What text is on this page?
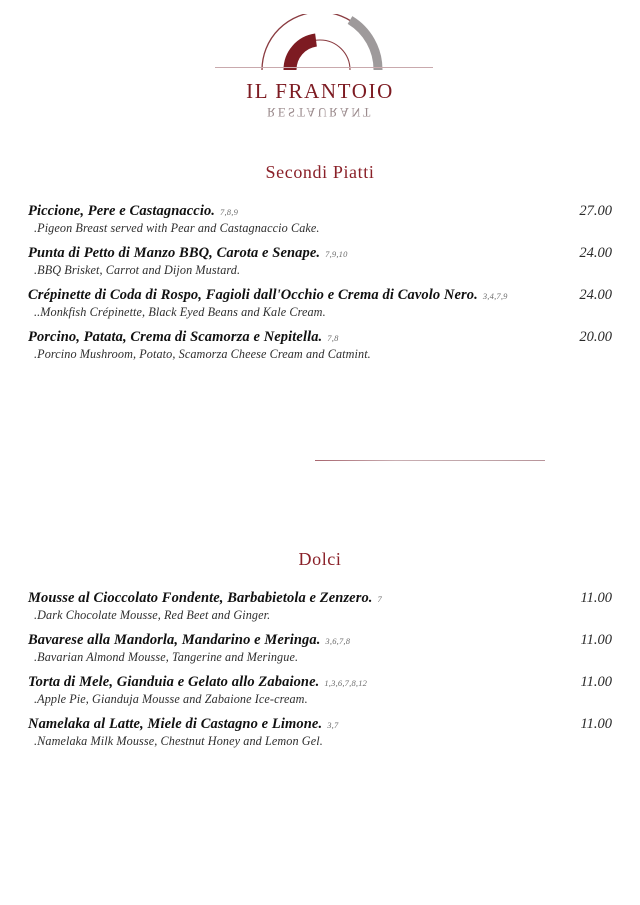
IL FRANTOIO
RESTAURANT
Secondi Piatti
Piccione, Pere e Castagnaccio. 7,8,9	27.00
.Pigeon Breast served with Pear and Castagnaccio Cake.
Punta di Petto di Manzo BBQ, Carota e Senape. 7,9,10	24.00
.BBQ Brisket, Carrot and Dijon Mustard.
Crépinette di Coda di Rospo, Fagioli dall'Occhio e Crema di Cavolo Nero. 3,4,7,9	24.00
..Monkfish Crépinette, Black Eyed Beans and Kale Cream.
Porcino, Patata, Crema di Scamorza e Nepitella. 7,8	20.00
.Porcino Mushroom, Potato, Scamorza Cheese Cream and Catmint.
Dolci
Mousse al Cioccolato Fondente, Barbabietola e Zenzero. 7	11.00
.Dark Chocolate Mousse, Red Beet and Ginger.
Bavarese alla Mandorla, Mandarino e Meringa. 3,6,7,8	11.00
.Bavarian Almond Mousse, Tangerine and Meringue.
Torta di Mele, Gianduia e Gelato allo Zabaione. 1,3,6,7,8,12	11.00
.Apple Pie, Gianduja Mousse and Zabaione Ice-cream.
Namelaka al Latte, Miele di Castagno e Limone. 3,7	11.00
.Namelaka Milk Mousse, Chestnut Honey and Lemon Gel.
